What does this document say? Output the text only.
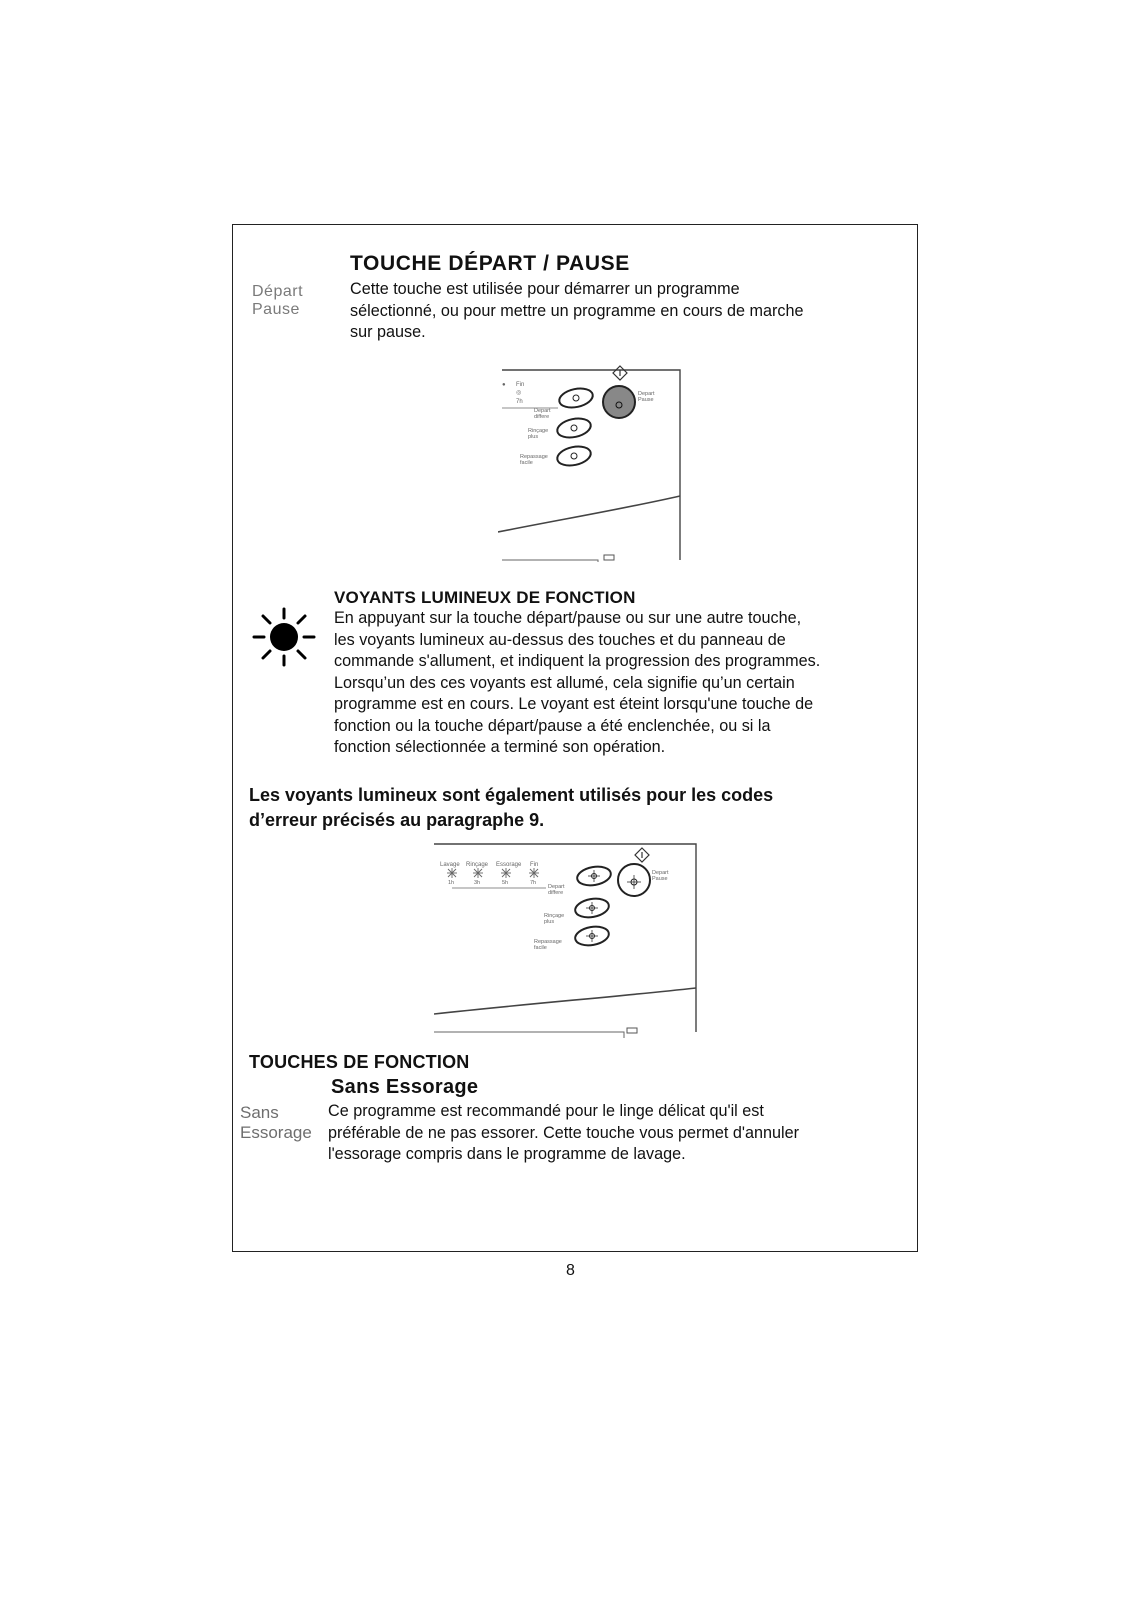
TOUCHE DÉPART / PAUSE
Départ
Pause
Cette touche est utilisée pour démarrer un programme
sélectionné, ou pour mettre un programme en cours de marche
sur pause.
● Fin
◎
7h
Depart
differe
Depart
Pause
Rinçage
plus
Repassage
facile
VOYANTS LUMINEUX DE FONCTION
En appuyant sur la touche départ/pause ou sur une autre touche,
les voyants lumineux au-dessus des touches et du panneau de
commande s'allument, et indiquent la progression des programmes.
Lorsqu’un des ces voyants est allumé, cela signifie qu’un certain
programme est en cours. Le voyant est éteint lorsqu'une touche de
fonction ou la touche départ/pause a été enclenchée, ou si la
fonction sélectionnée a terminé son opération.
Les voyants lumineux sont également utilisés pour les codes
d’erreur précisés au paragraphe 9.
Lavage Rinçage Essorage Fin
1h	3h	5h	7h
Depart
differe
Depart
Pause
Rinçage
plus
Repassage
facile
TOUCHES DE FONCTION
Sans Essorage
Sans
Essorage
Ce programme est recommandé pour le linge délicat qu'il est
préférable de ne pas essorer. Cette touche vous permet d'annuler
l'essorage compris dans le programme de lavage.
8
